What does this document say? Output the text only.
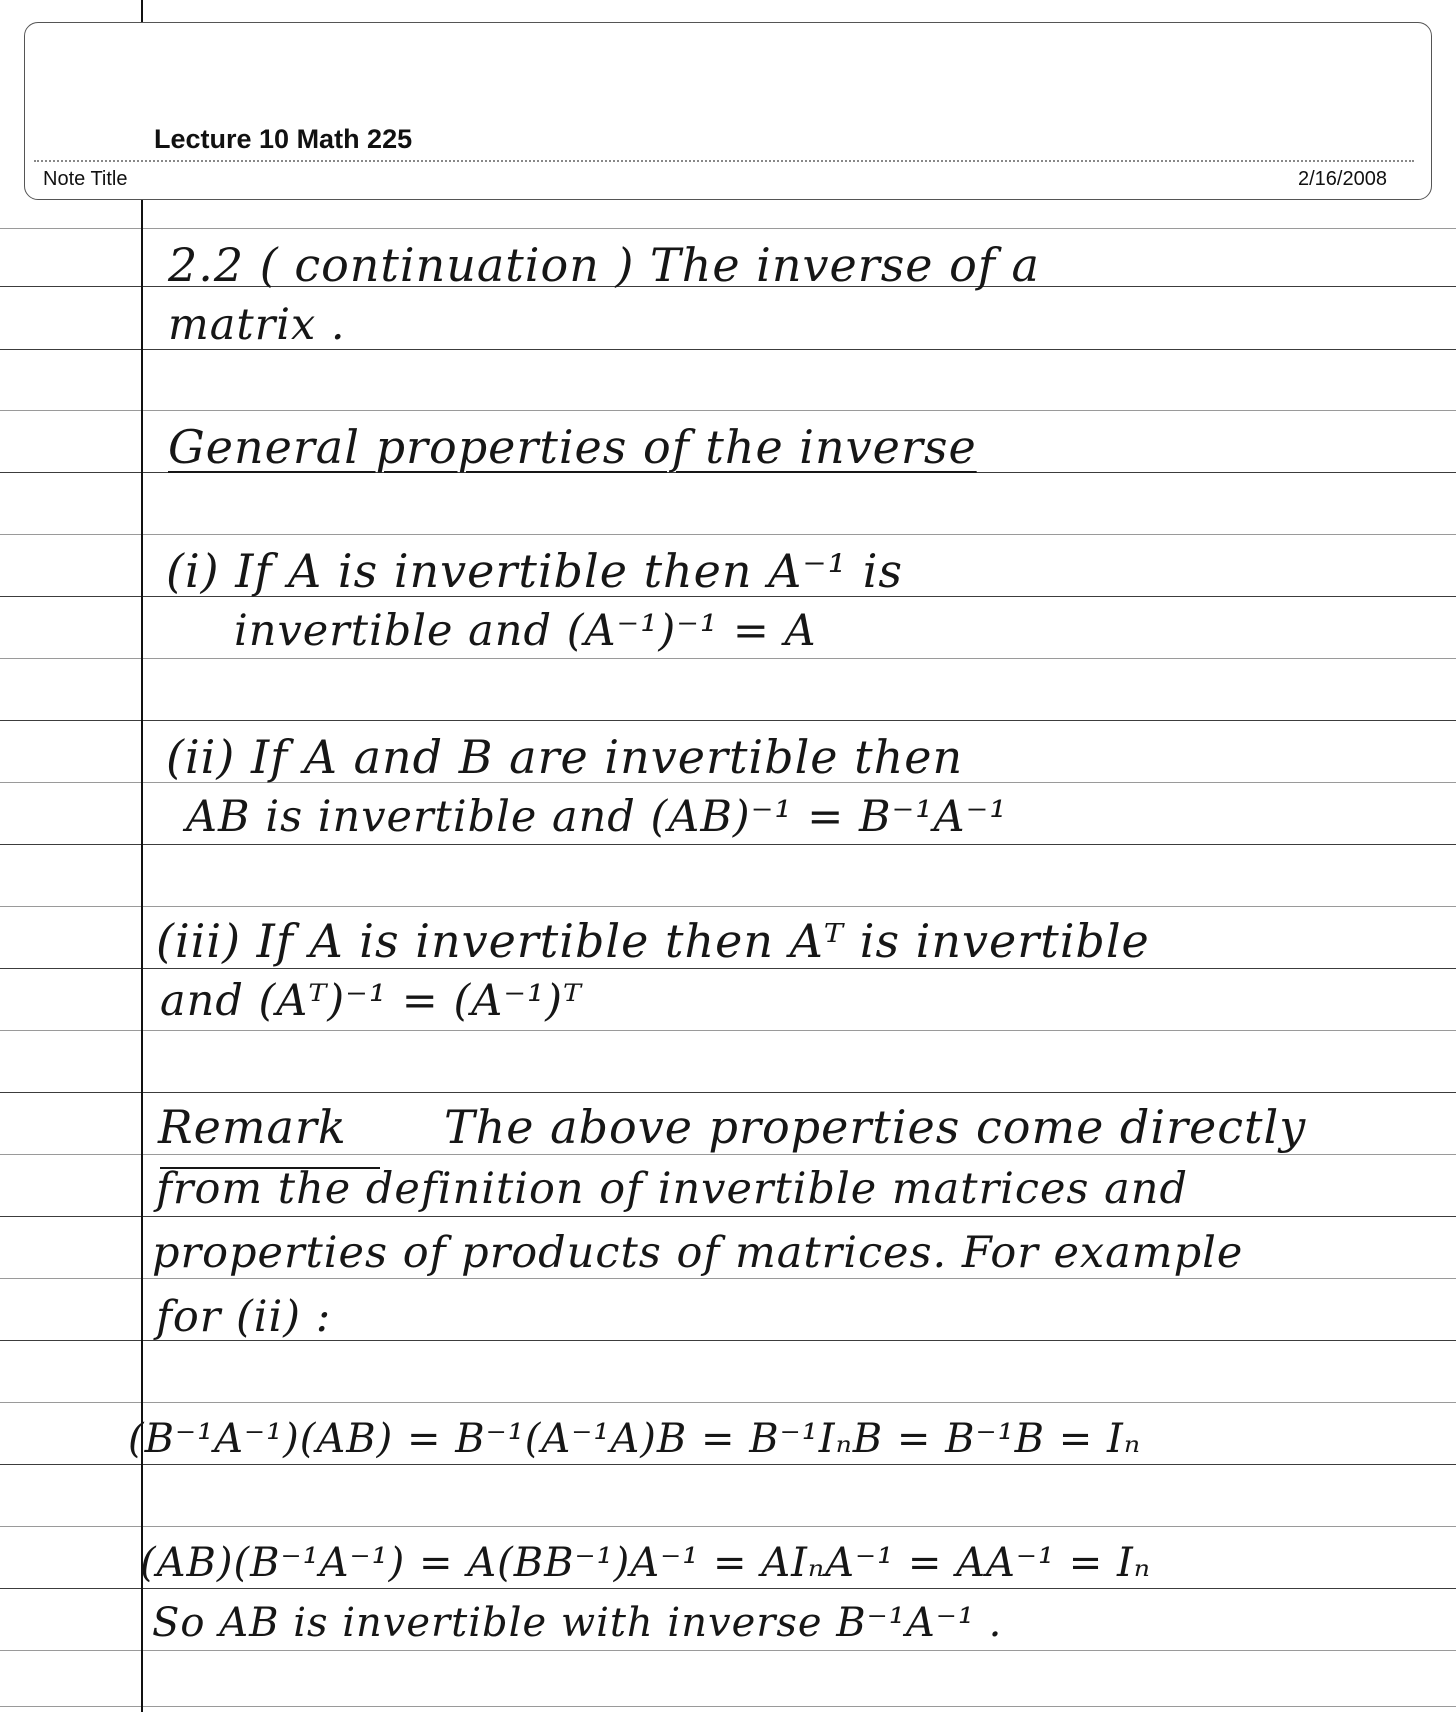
Lecture 10 Math 225
Note Title	2/16/2008
2.2 ( continuation ) The inverse of a
matrix .
General properties of the inverse
(i) If A is invertible then A⁻¹ is
invertible and (A⁻¹)⁻¹ = A
(ii) If A and B are invertible then
AB is invertible and (AB)⁻¹ = B⁻¹A⁻¹
(iii) If A is invertible then Aᵀ is invertible
and (Aᵀ)⁻¹ = (A⁻¹)ᵀ
Remark The above properties come directly
from the definition of invertible matrices and
properties of products of matrices. For example
for (ii) :
(B⁻¹A⁻¹)(AB) = B⁻¹(A⁻¹A)B = B⁻¹IₙB = B⁻¹B = Iₙ
(AB)(B⁻¹A⁻¹) = A(BB⁻¹)A⁻¹ = AIₙA⁻¹ = AA⁻¹ = Iₙ
So AB is invertible with inverse B⁻¹A⁻¹ .
